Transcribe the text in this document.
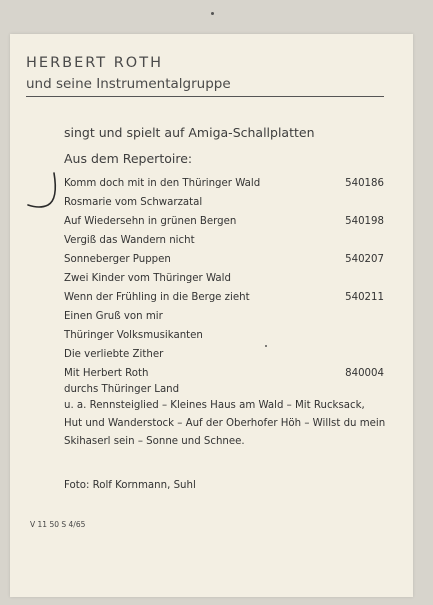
HERBERT ROTH
und seine Instrumentalgruppe
singt und spielt auf Amiga-Schallplatten
Aus dem Repertoire:
Komm doch mit in den Thüringer Wald	540186
Rosmarie vom Schwarzatal
Auf Wiedersehn in grünen Bergen	540198
Vergiß das Wandern nicht
Sonneberger Puppen	540207
Zwei Kinder vom Thüringer Wald
Wenn der Frühling in die Berge zieht	540211
Einen Gruß von mir
Thüringer Volksmusikanten
Die verliebte Zither
Mit Herbert Roth	840004
durchs Thüringer Land
u. a. Rennsteiglied – Kleines Haus am Wald – Mit Rucksack, Hut und Wanderstock – Auf der Oberhofer Höh – Willst du mein Skihaserl sein – Sonne und Schnee.
Foto: Rolf Kornmann, Suhl
V 11 50 S 4/65
